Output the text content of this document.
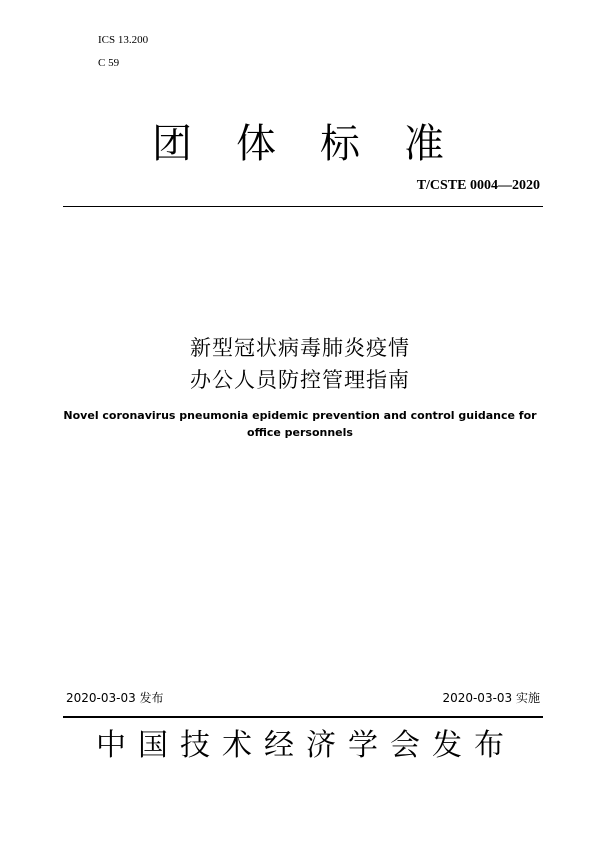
ICS 13.200
C 59
团体标准
T/CSTE 0004—2020
新型冠状病毒肺炎疫情
办公人员防控管理指南
Novel coronavirus pneumonia epidemic prevention and control guidance for
office personnels
2020-03-03 发布	2020-03-03 实施
中国技术经济学会发布
